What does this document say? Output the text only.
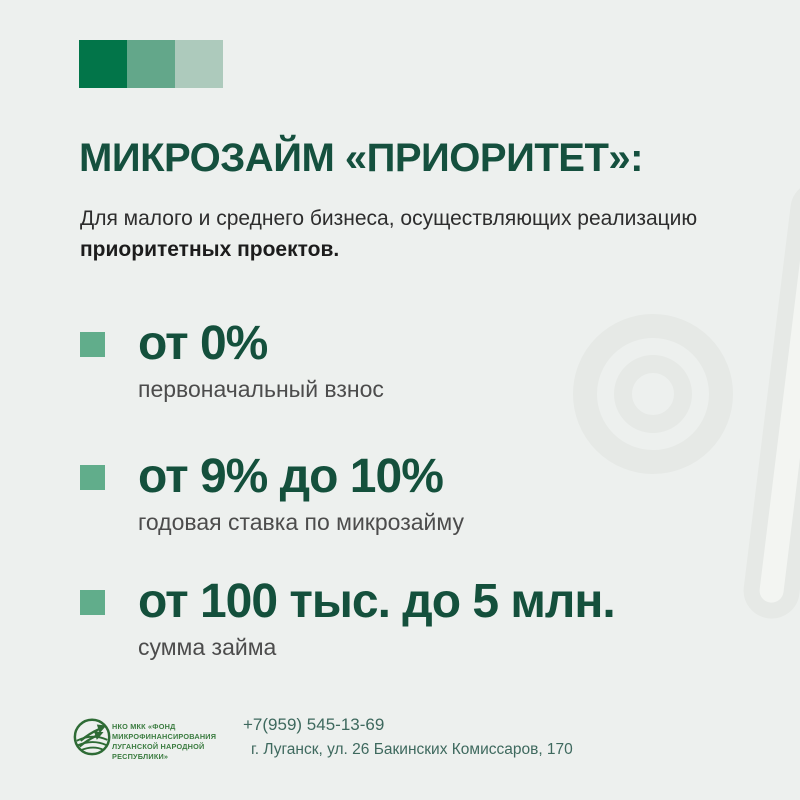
МИКРОЗАЙМ «ПРИОРИТЕТ»:

Для малого и среднего бизнеса, осуществляющих реализацию
приоритетных проектов.

от 0%
первоначальный взнос
от 9% до 10%
годовая ставка по микрозайму
от 100 тыс. до 5 млн.
сумма займа
НКО МКК «ФОНД
МИКРОФИНАНСИРОВАНИЯ
ЛУГАНСКОЙ НАРОДНОЙ
РЕСПУБЛИКИ»
+7(959) 545-13-69
г. Луганск, ул. 26 Бакинских Комиссаров, 170
